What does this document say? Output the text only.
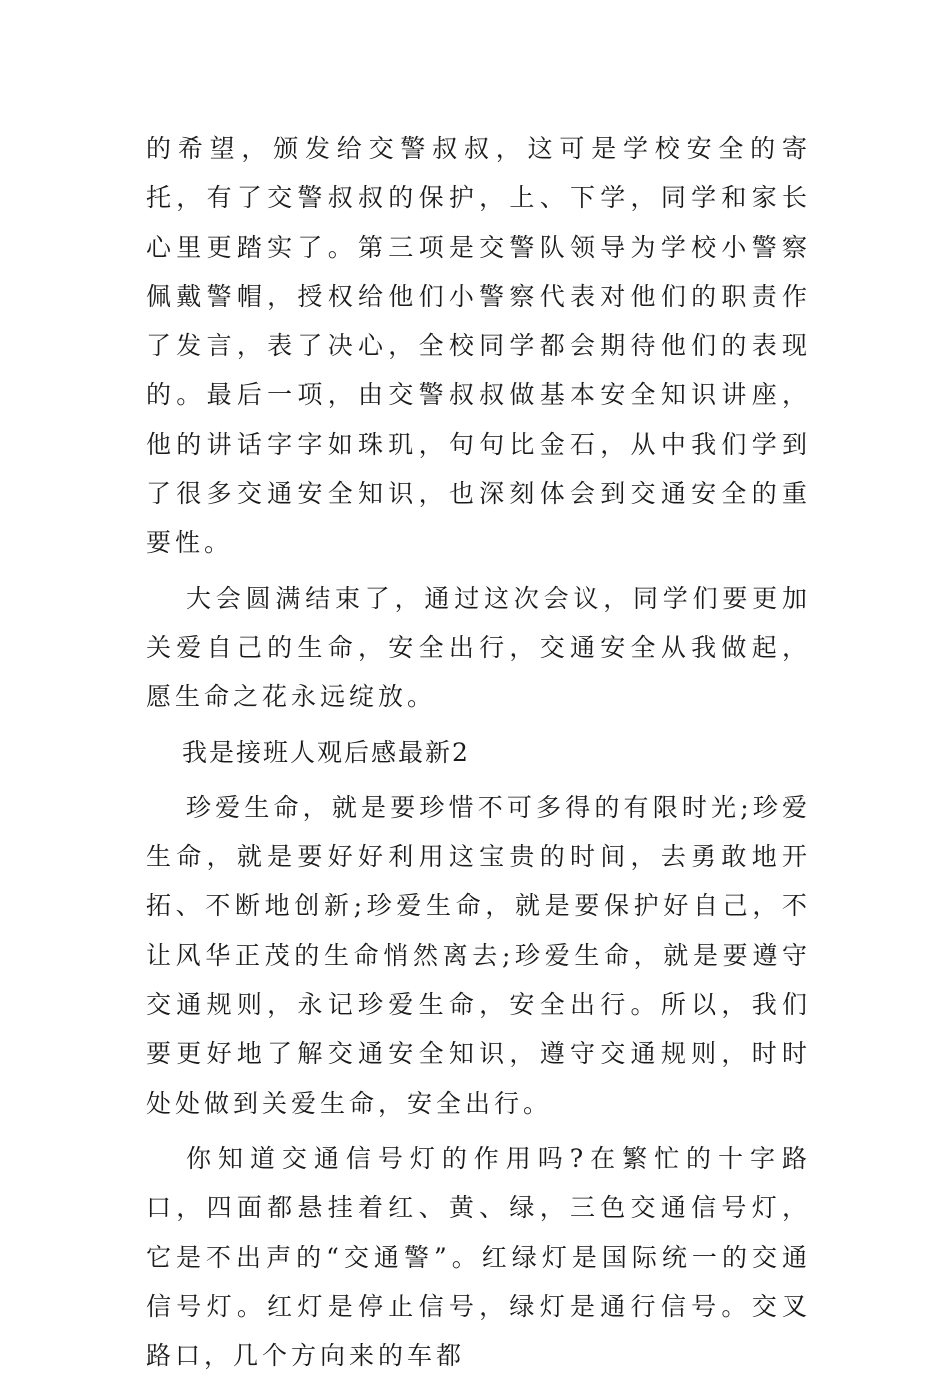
的希望，颁发给交警叔叔，这可是学校安全的寄托，有了交警叔叔的保护，上、下学，同学和家长心里更踏实了。第三项是交警队领导为学校小警察佩戴警帽，授权给他们小警察代表对他们的职责作了发言，表了决心，全校同学都会期待他们的表现的。最后一项，由交警叔叔做基本安全知识讲座，他的讲话字字如珠玑，句句比金石，从中我们学到了很多交通安全知识，也深刻体会到交通安全的重要性。

大会圆满结束了，通过这次会议，同学们要更加关爱自己的生命，安全出行，交通安全从我做起，愿生命之花永远绽放。

我是接班人观后感最新2

珍爱生命，就是要珍惜不可多得的有限时光;珍爱生命，就是要好好利用这宝贵的时间，去勇敢地开拓、不断地创新;珍爱生命，就是要保护好自己，不让风华正茂的生命悄然离去;珍爱生命，就是要遵守交通规则，永记珍爱生命，安全出行。所以，我们要更好地了解交通安全知识，遵守交通规则，时时处处做到关爱生命，安全出行。

你知道交通信号灯的作用吗?在繁忙的十字路口，四面都悬挂着红、黄、绿，三色交通信号灯，它是不出声的“交通警”。红绿灯是国际统一的交通信号灯。红灯是停止信号，绿灯是通行信号。交叉路口，几个方向来的车都
